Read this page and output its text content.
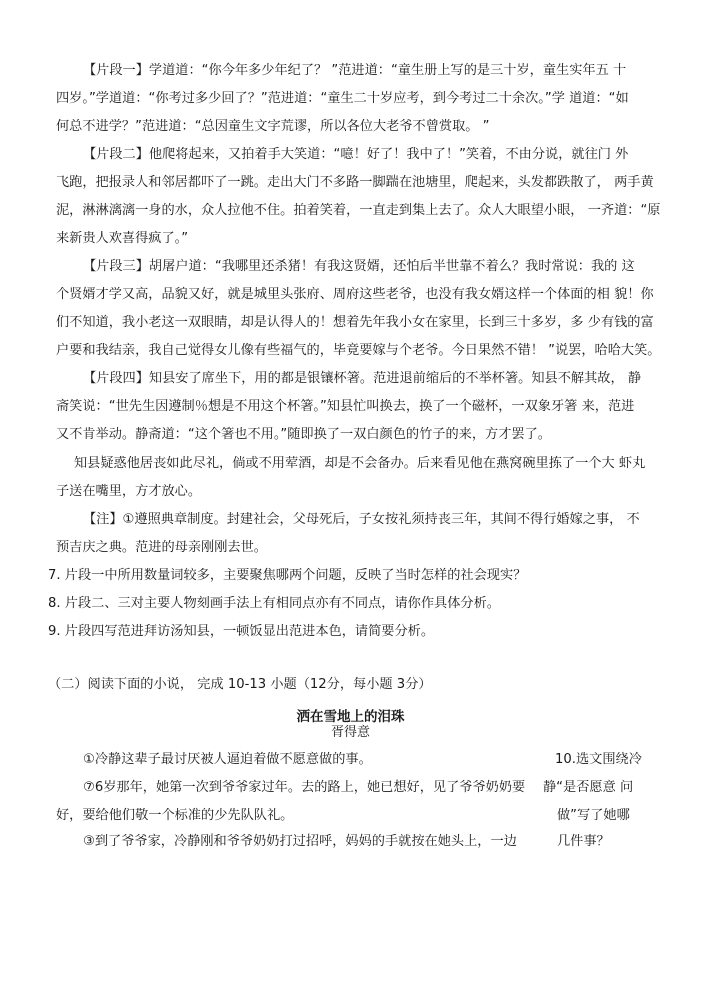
【片段一】学道道：“你今年多少年纪了？ ”范进道：“童生册上写的是三十岁，童生实年五 十
四岁。”学道道：“你考过多少回了？”范进道：“童生二十岁应考，到今考过二十余次。”学 道道：“如
何总不进学？”范进道：“总因童生文字荒谬，所以各位大老爷不曾赏取。 ”
【片段二】他爬将起来，又拍着手大笑道：“噫！好了！我中了！”笑着，不由分说，就往门 外
飞跑，把报录人和邻居都吓了一跳。走出大门不多路一脚踹在池塘里，爬起来，头发都跌散了， 两手黄
泥，淋淋漓漓一身的水，众人拉他不住。拍着笑着，一直走到集上去了。众人大眼望小眼， 一齐道：“原
来新贵人欢喜得疯了。”
【片段三】胡屠户道：“我哪里还杀猪！有我这贤婿，还怕后半世靠不着么？我时常说：我的 这
个贤婿才学又高，品貌又好，就是城里头张府、周府这些老爷，也没有我女婿这样一个体面的相 貌！你
们不知道，我小老这一双眼睛，却是认得人的！想着先年我小女在家里，长到三十多岁，多 少有钱的富
户要和我结亲，我自己觉得女儿像有些福气的，毕竟要嫁与个老爷。今日果然不错！ ”说罢，哈哈大笑。
【片段四】知县安了席坐下，用的都是银镶杯箸。范进退前缩后的不举杯箸。知县不解其故， 静
斋笑说：“世先生因遵制％想是不用这个杯箸。”知县忙叫换去，换了一个磁杯，一双象牙箸 来，范进
又不肯举动。静斋道：“这个箸也不用。”随即换了一双白颜色的竹子的来，方才罢了。
知县疑惑他居丧如此尽礼，倘或不用荤酒，却是不会备办。后来看见他在燕窝碗里拣了一个大 虾丸
子送在嘴里，方才放心。
【注】①遵照典章制度。封建社会，父母死后，子女按礼须持丧三年，其间不得行婚嫁之事， 不
预吉庆之典。范进的母亲刚刚去世。
7. 片段一中所用数量词较多，主要聚焦哪两个问题，反映了当时怎样的社会现实？
8. 片段二、三对主要人物刻画手法上有相同点亦有不同点，请你作具体分析。
9. 片段四写范进拜访汤知县，一顿饭显出范进本色，请简要分析。
（二）阅读下面的小说， 完成 10-13 小题（12分，每小题 3分）
洒在雪地上的泪珠
胥得意
①冷静这辈子最讨厌被人逼迫着做不愿意做的事。
⑦6岁那年，她第一次到爷爷家过年。去的路上，她已想好，见了爷爷奶奶要
好，要给他们敬一个标准的少先队队礼。
③到了爷爷家，冷静刚和爷爷奶奶打过招呼，妈妈的手就按在她头上，一边
10.选文围绕冷
静“是否愿意 问
做”写了她哪
几件事？
